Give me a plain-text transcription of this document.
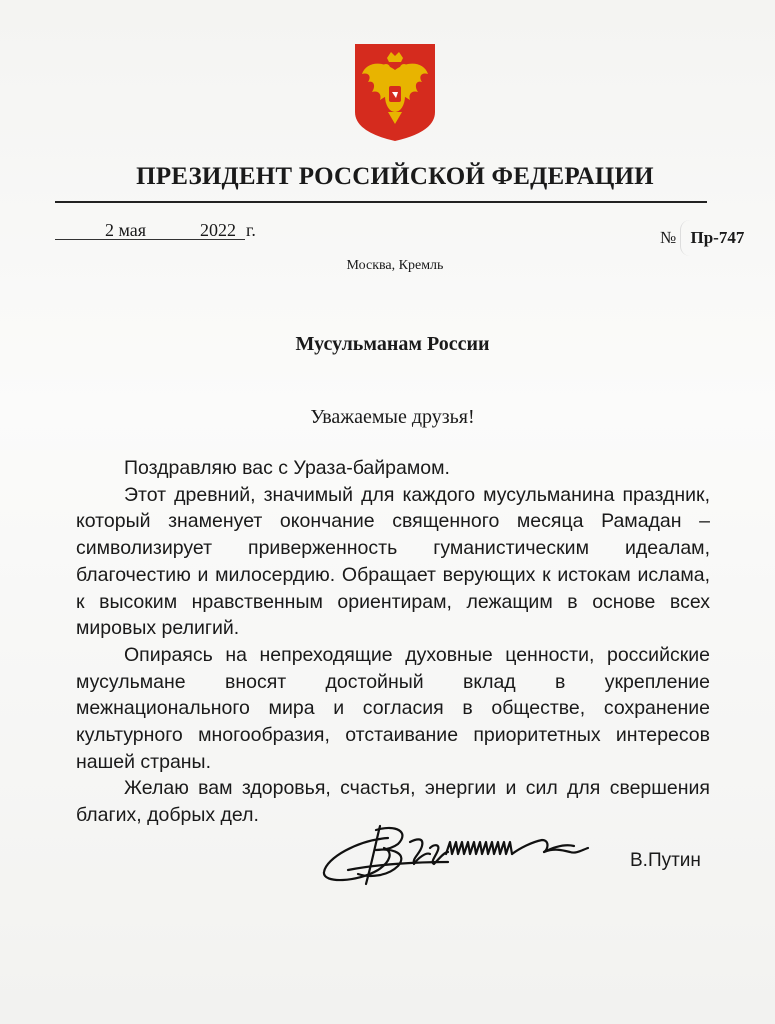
ПРЕЗИДЕНТ РОССИЙСКОЙ ФЕДЕРАЦИИ
2 мая	2022 г.	№ Пр-747
Москва, Кремль
Мусульманам России
Уважаемые друзья!

Поздравляю вас с Ураза-байрамом.

Этот древний, значимый для каждого мусульманина праздник, который знаменует окончание священного месяца Рамадан – символизирует приверженность гуманистическим идеалам, благочестию и милосердию. Обращает верующих к истокам ислама, к высоким нравственным ориентирам, лежащим в основе всех мировых религий.

Опираясь на непреходящие духовные ценности, российские мусульмане вносят достойный вклад в укрепление межнационального мира и согласия в обществе, сохранение культурного многообразия, отстаивание приоритетных интересов нашей страны.

Желаю вам здоровья, счастья, энергии и сил для свершения благих, добрых дел.

В.Путин
